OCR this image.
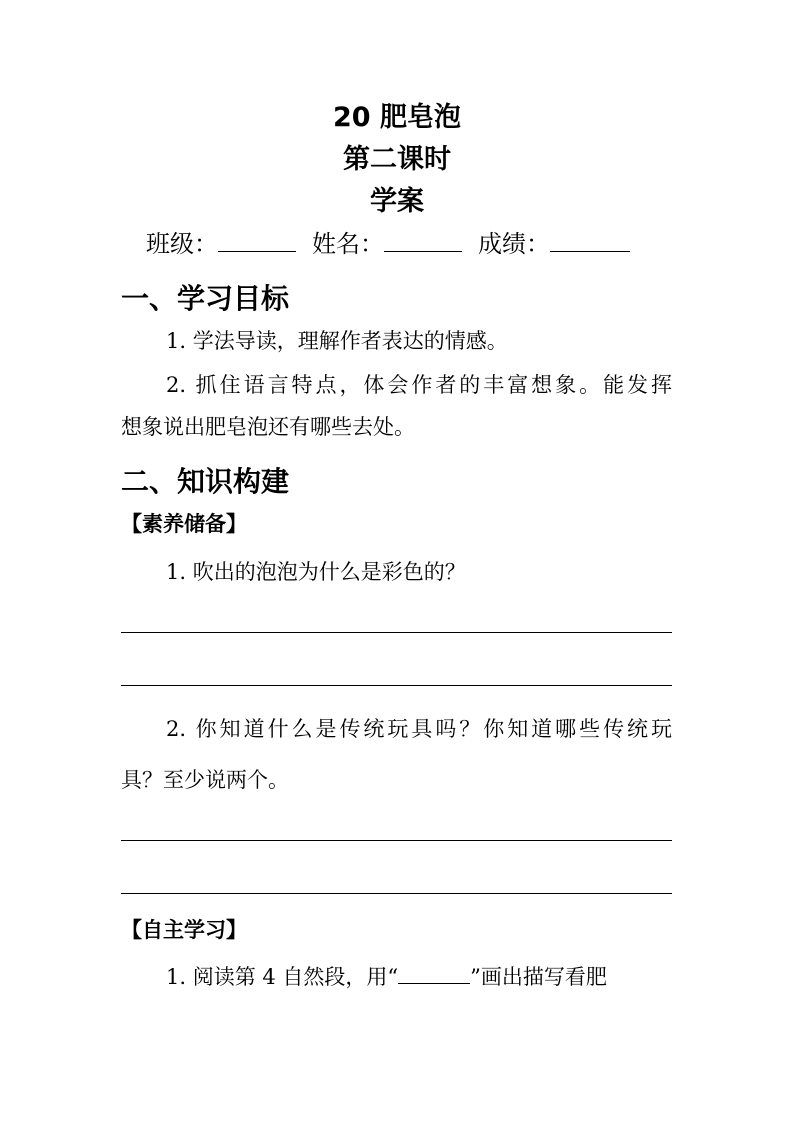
20 肥皂泡
第二课时
学案
班级：	姓名：	成绩：
一、学习目标
1. 学法导读，理解作者表达的情感。
2. 抓住语言特点，体会作者的丰富想象。能发挥
想象说出肥皂泡还有哪些去处。
二、知识构建
【素养储备】
1. 吹出的泡泡为什么是彩色的？
2. 你知道什么是传统玩具吗？你知道哪些传统玩
具？至少说两个。
【自主学习】
1. 阅读第 4 自然段，用“	”画出描写看肥
